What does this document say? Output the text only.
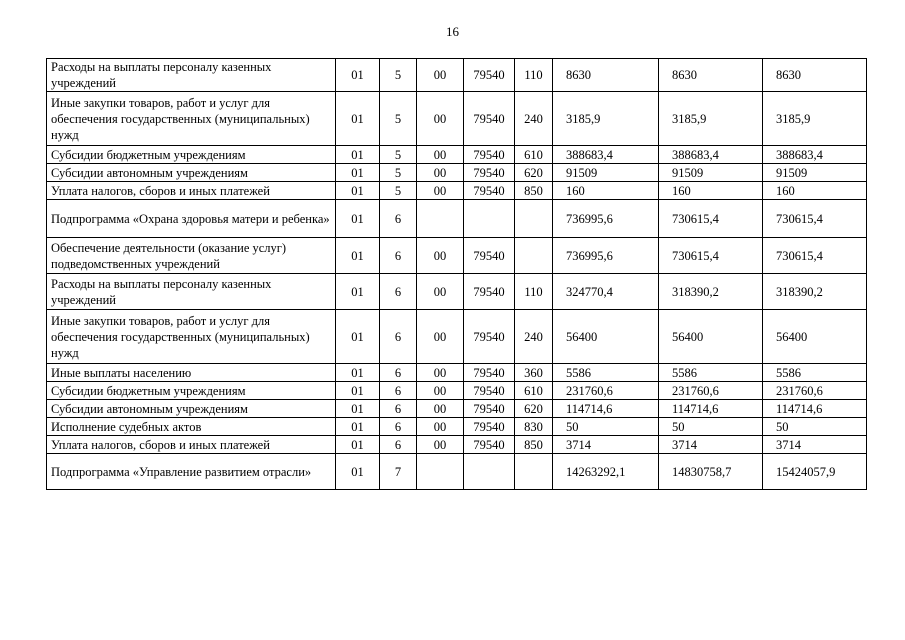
16
Расходы на выплаты персоналу казенных учреждений	01	5	00	79540	110	8630	8630	8630
Иные закупки товаров, работ и услуг для обеспечения государственных (муниципальных) нужд	01	5	00	79540	240	3185,9	3185,9	3185,9
Субсидии бюджетным учреждениям	01	5	00	79540	610	388683,4	388683,4	388683,4
Субсидии автономным учреждениям	01	5	00	79540	620	91509	91509	91509
Уплата налогов, сборов и иных платежей	01	5	00	79540	850	160	160	160
Подпрограмма «Охрана здоровья матери и ребенка»	01	6				736995,6	730615,4	730615,4
Обеспечение деятельности (оказание услуг) подведомственных учреждений	01	6	00	79540		736995,6	730615,4	730615,4
Расходы на выплаты персоналу казенных учреждений	01	6	00	79540	110	324770,4	318390,2	318390,2
Иные закупки товаров, работ и услуг для обеспечения государственных (муниципальных) нужд	01	6	00	79540	240	56400	56400	56400
Иные выплаты населению	01	6	00	79540	360	5586	5586	5586
Субсидии бюджетным учреждениям	01	6	00	79540	610	231760,6	231760,6	231760,6
Субсидии автономным учреждениям	01	6	00	79540	620	114714,6	114714,6	114714,6
Исполнение судебных актов	01	6	00	79540	830	50	50	50
Уплата налогов, сборов и иных платежей	01	6	00	79540	850	3714	3714	3714
Подпрограмма «Управление развитием отрасли»	01	7				14263292,1	14830758,7	15424057,9
